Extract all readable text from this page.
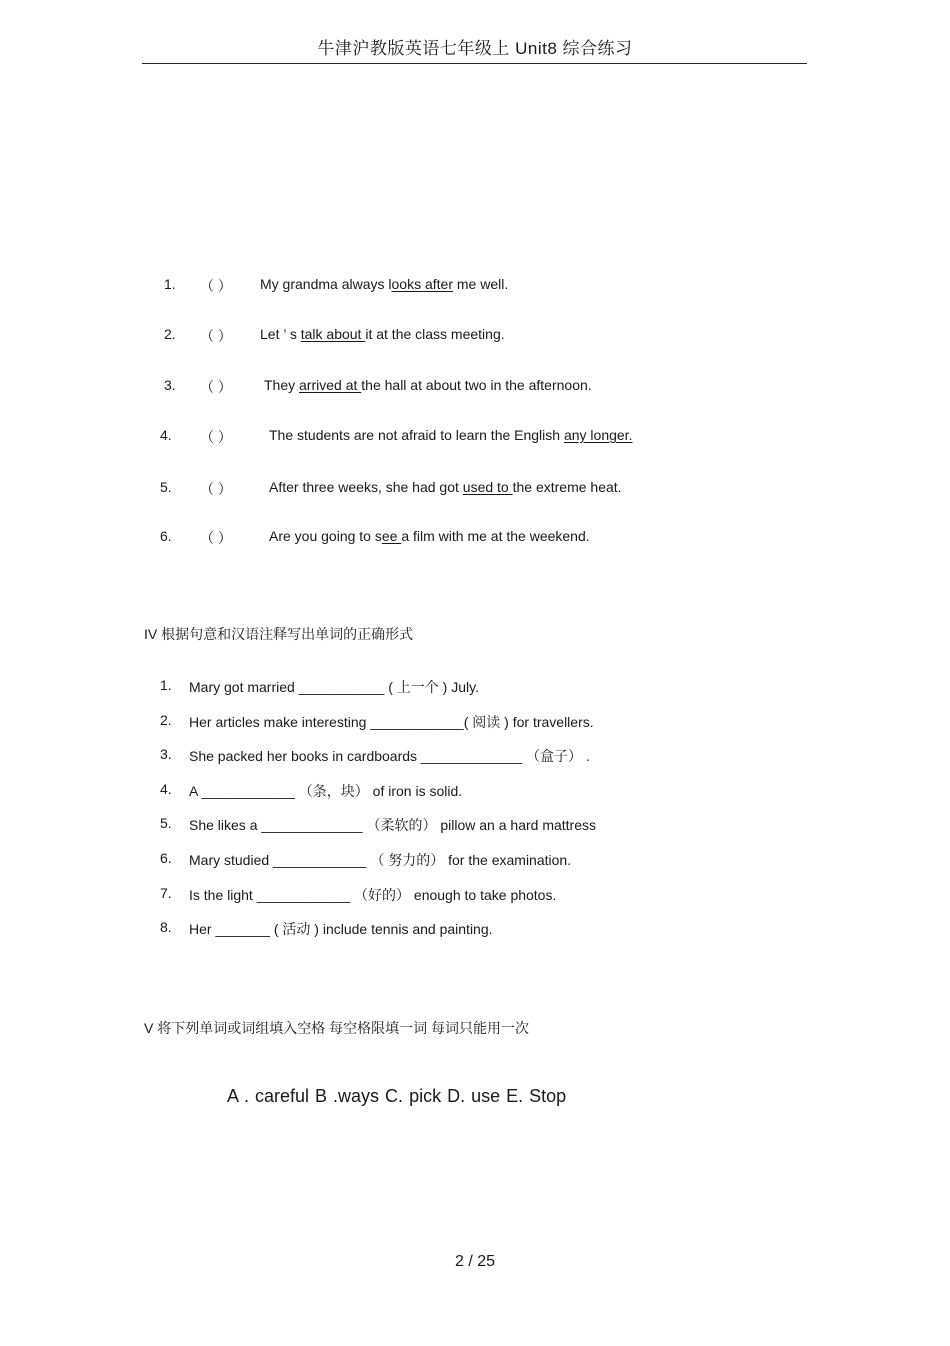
牛津沪教版英语七年级上 Unit8 综合练习
1. （ ） My grandma always looks after me well.
2. （ ） Let ’ s talk about it at the class meeting.
3. （ ） They arrived at the hall at about two in the afternoon.
4. （ ）	The students are not afraid to learn the English any longer.
5. （ ）	After three weeks, she had got used to the extreme heat.
6. （ ）	Are you going to see a film with me at the weekend.
IV 根据句意和汉语注释写出单词的正确形式
1. Mary got married ___________ ( 上一个 ) July.
2. Her articles make interesting ____________( 阅读 ) for travellers.
3. She packed her books in cardboards _____________ （盒子） .
4. A ____________ （条，块） of iron is solid.
5. She likes a _____________ （柔软的） pillow an a hard mattress
6. Mary studied ____________ （ 努力的） for the examination.
7. Is the light ____________ （好的） enough to take photos.
8. Her _______ ( 活动 ) include tennis and painting.
V 将下列单词或词组填入空格 每空格限填一词 每词只能用一次
A . careful B .ways C. pick D. use E. Stop
2 / 25
